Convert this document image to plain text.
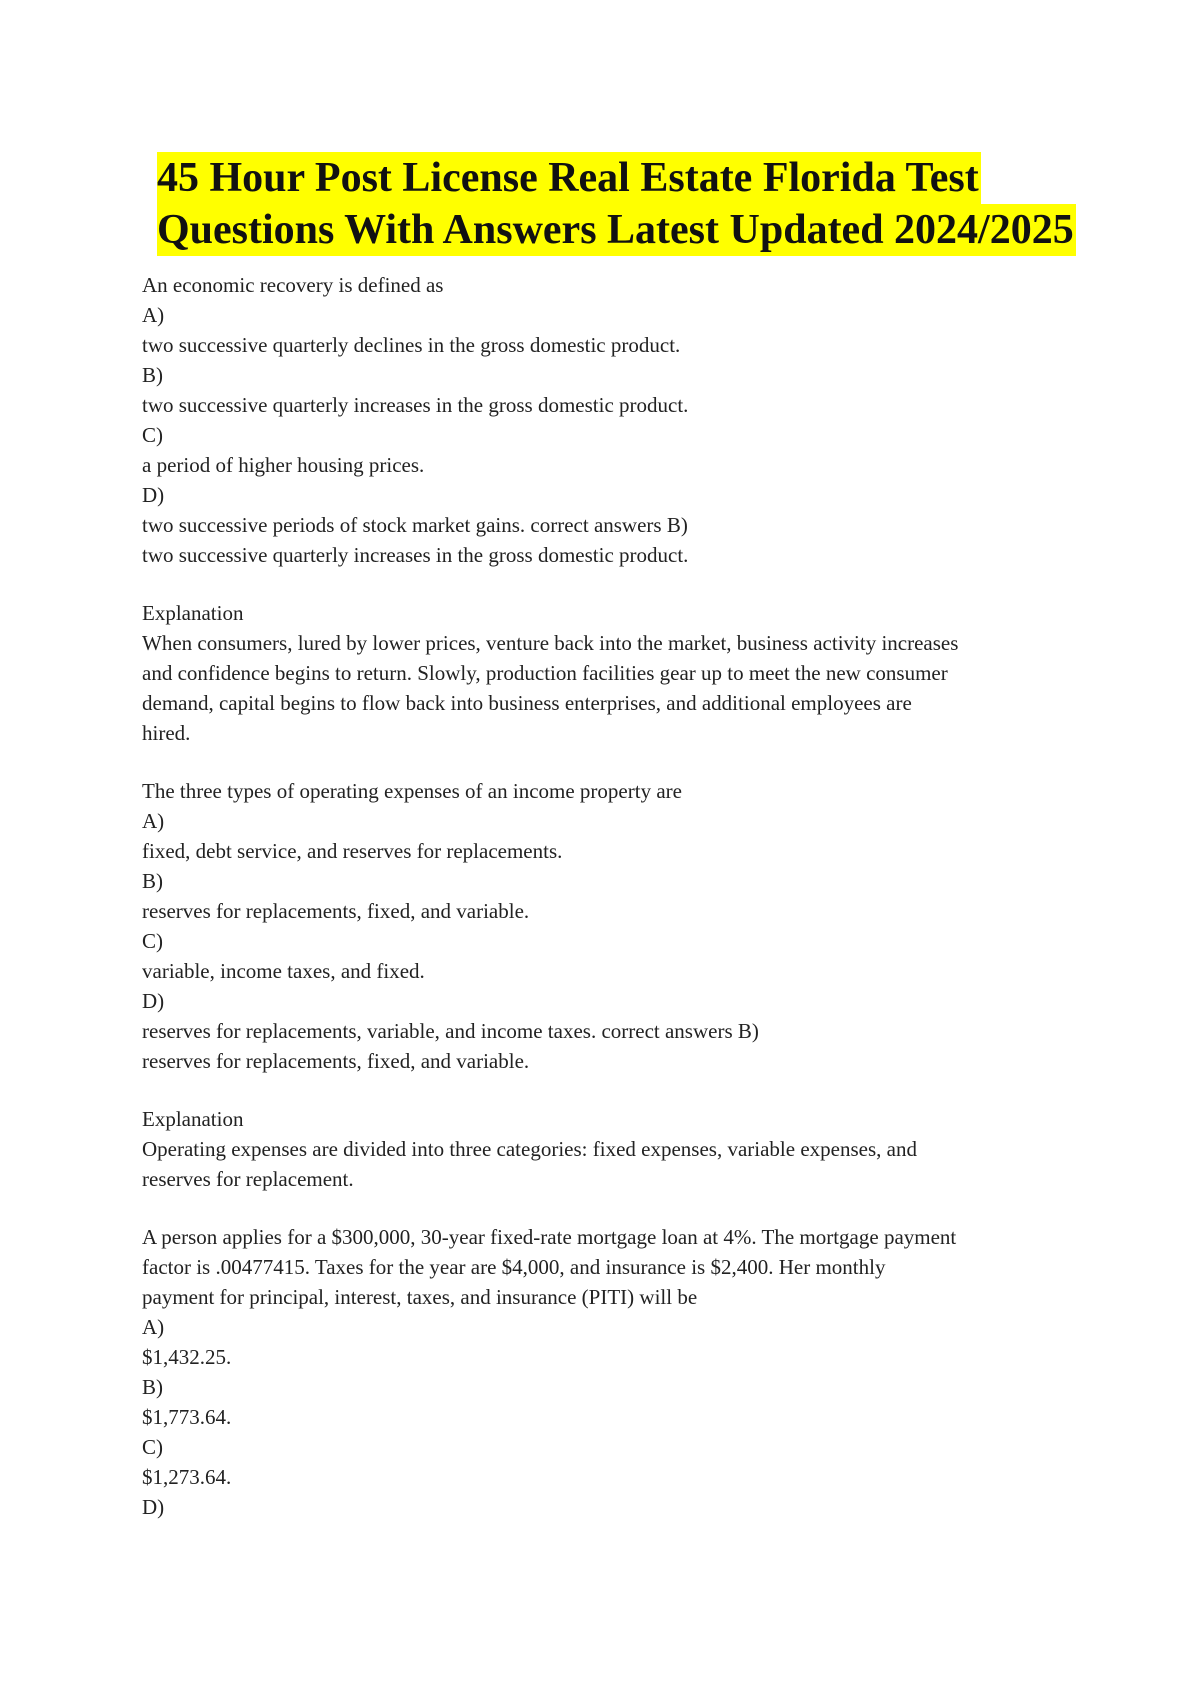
45 Hour Post License Real Estate Florida Test
Questions With Answers Latest Updated 2024/2025
An economic recovery is defined as
A)
two successive quarterly declines in the gross domestic product.
B)
two successive quarterly increases in the gross domestic product.
C)
a period of higher housing prices.
D)
two successive periods of stock market gains. correct answers B)
two successive quarterly increases in the gross domestic product.
Explanation
When consumers, lured by lower prices, venture back into the market, business activity increases
and confidence begins to return. Slowly, production facilities gear up to meet the new consumer
demand, capital begins to flow back into business enterprises, and additional employees are
hired.
The three types of operating expenses of an income property are
A)
fixed, debt service, and reserves for replacements.
B)
reserves for replacements, fixed, and variable.
C)
variable, income taxes, and fixed.
D)
reserves for replacements, variable, and income taxes. correct answers B)
reserves for replacements, fixed, and variable.
Explanation
Operating expenses are divided into three categories: fixed expenses, variable expenses, and
reserves for replacement.
A person applies for a $300,000, 30-year fixed-rate mortgage loan at 4%. The mortgage payment
factor is .00477415. Taxes for the year are $4,000, and insurance is $2,400. Her monthly
payment for principal, interest, taxes, and insurance (PITI) will be
A)
$1,432.25.
B)
$1,773.64.
C)
$1,273.64.
D)
